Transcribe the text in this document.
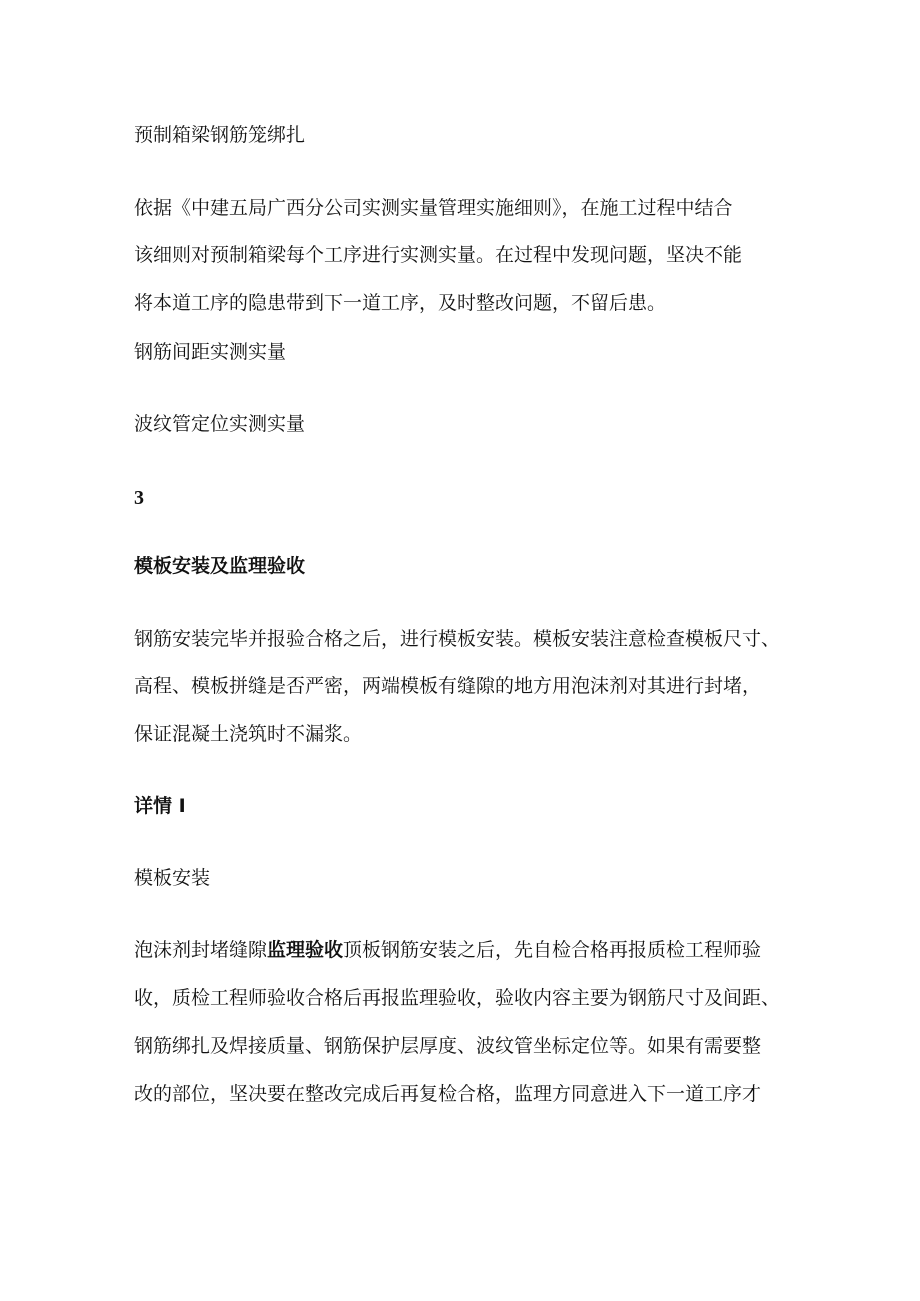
预制箱梁钢筋笼绑扎
依据《中建五局广西分公司实测实量管理实施细则》，在施工过程中结合
该细则对预制箱梁每个工序进行实测实量。在过程中发现问题，坚决不能
将本道工序的隐患带到下一道工序，及时整改问题，不留后患。
钢筋间距实测实量
波纹管定位实测实量
3
模板安装及监理验收
钢筋安装完毕并报验合格之后，进行模板安装。模板安装注意检查模板尺寸、
高程、模板拼缝是否严密，两端模板有缝隙的地方用泡沫剂对其进行封堵，
保证混凝土浇筑时不漏浆。
详情 I
模板安装
泡沫剂封堵缝隙监理验收顶板钢筋安装之后，先自检合格再报质检工程师验
收，质检工程师验收合格后再报监理验收，验收内容主要为钢筋尺寸及间距、
钢筋绑扎及焊接质量、钢筋保护层厚度、波纹管坐标定位等。如果有需要整
改的部位，坚决要在整改完成后再复检合格，监理方同意进入下一道工序才
